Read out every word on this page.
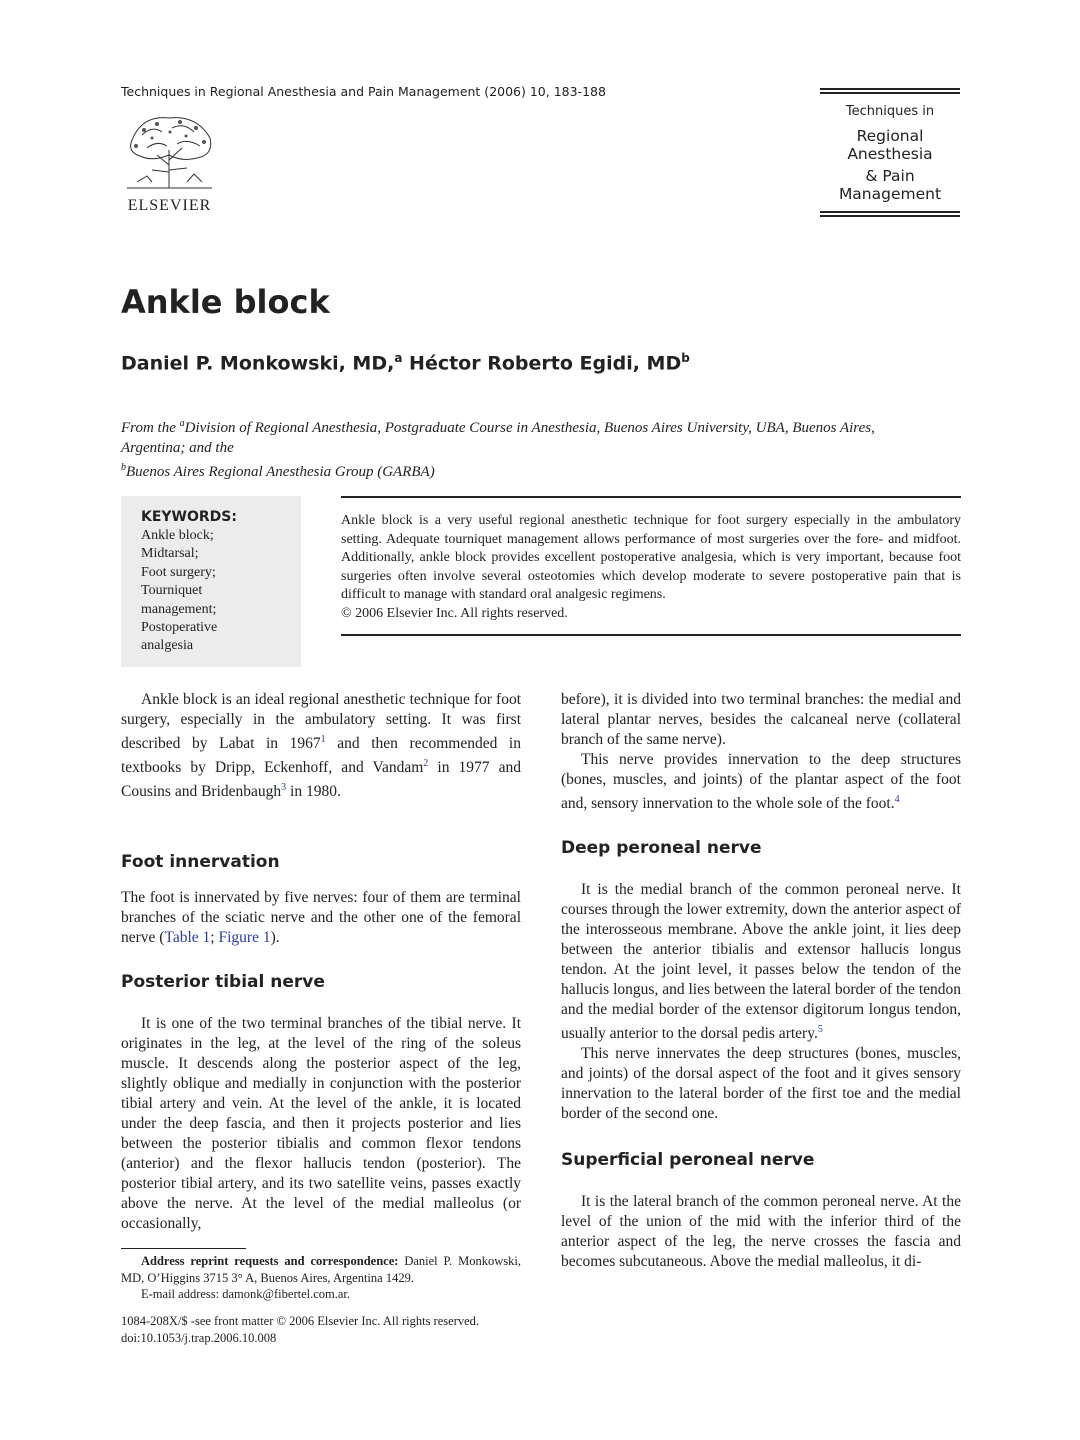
Techniques in Regional Anesthesia and Pain Management (2006) 10, 183-188
ELSEVIER
Techniques in
Regional Anesthesia
& Pain Management
Ankle block
Daniel P. Monkowski, MD,$^a$ Héctor Roberto Egidi, $MD^b$
From the $^a$Division of Regional Anesthesia, Postgraduate Course in Anesthesia, Buenos Aires University, UBA, Buenos Aires, Argentina; and the
$^b$Buenos Aires Regional Anesthesia Group (GARBA)
KEYWORDS:
Ankle block;
Midtarsal;
Foot surgery;
Tourniquet
management;
Postoperative
analgesia

Ankle block is a very useful regional anesthetic technique for foot surgery especially in the ambulatory setting. Adequate tourniquet management allows performance of most surgeries over the fore- and midfoot. Additionally, ankle block provides excellent postoperative analgesia, which is very important, because foot surgeries often involve several osteotomies which develop moderate to severe postoperative pain that is difficult to manage with standard oral analgesic regimens.

© 2006 Elsevier Inc. All rights reserved.

Ankle block is an ideal regional anesthetic technique for foot surgery, especially in the ambulatory setting. It was first described by Labat in 1967$^1$ and then recommended in textbooks by Dripp, Eckenhoff, and Vandam$^2$ in 1977 and Cousins and Bridenbaugh$^3$ in 1980.

Foot innervation

The foot is innervated by five nerves: four of them are terminal branches of the sciatic nerve and the other one of the femoral nerve (Table 1; Figure 1).

Posterior tibial nerve

It is one of the two terminal branches of the tibial nerve. It originates in the leg, at the level of the ring of the soleus muscle. It descends along the posterior aspect of the leg, slightly oblique and medially in conjunction with the posterior tibial artery and vein. At the level of the ankle, it is located under the deep fascia, and then it projects posterior and lies between the posterior tibialis and common flexor tendons (anterior) and the flexor hallucis tendon (posterior). The posterior tibial artery, and its two satellite veins, passes exactly above the nerve. At the level of the medial malleolus (or occasionally,

before), it is divided into two terminal branches: the medial and lateral plantar nerves, besides the calcaneal nerve (collateral branch of the same nerve).

This nerve provides innervation to the deep structures (bones, muscles, and joints) of the plantar aspect of the foot and, sensory innervation to the whole sole of the foot.$^4$

Deep peroneal nerve

It is the medial branch of the common peroneal nerve. It courses through the lower extremity, down the anterior aspect of the interosseous membrane. Above the ankle joint, it lies deep between the anterior tibialis and extensor hallucis longus tendon. At the joint level, it passes below the tendon of the hallucis longus, and lies between the lateral border of the tendon and the medial border of the extensor digitorum longus tendon, usually anterior to the dorsal pedis artery.$^5$

This nerve innervates the deep structures (bones, muscles, and joints) of the dorsal aspect of the foot and it gives sensory innervation to the lateral border of the first toe and the medial border of the second one.

Superficial peroneal nerve

It is the lateral branch of the common peroneal nerve. At the level of the union of the mid with the inferior third of the anterior aspect of the leg, the nerve crosses the fascia and becomes subcutaneous. Above the medial malleolus, it di-

Address reprint requests and correspondence: Daniel P. Monkowski, MD, O’Higgins 3715 3° A, Buenos Aires, Argentina 1429.
E-mail address: damonk@fibertel.com.ar.
1084-208X/$ -see front matter © 2006 Elsevier Inc. All rights reserved.
doi:10.1053/j.trap.2006.10.008
